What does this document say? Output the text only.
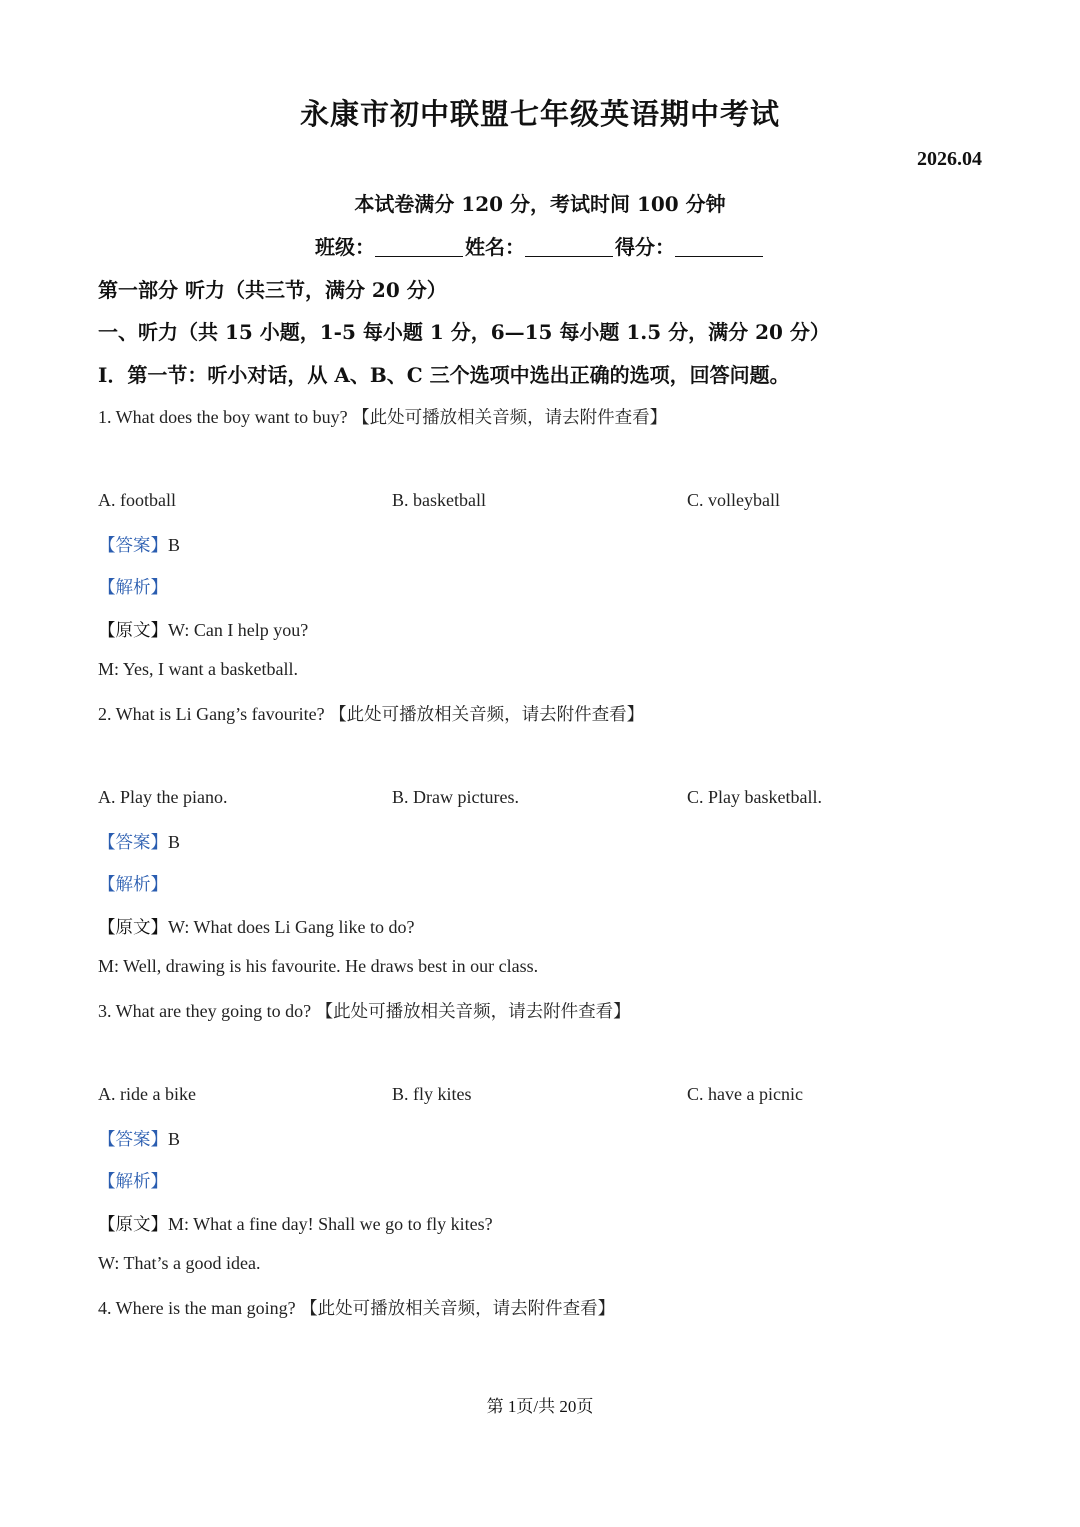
永康市初中联盟七年级英语期中考试
2026.04
本试卷满分 120 分，考试时间 100 分钟
班级：	姓名：	得分：
第一部分 听力（共三节，满分 20 分）
一、听力（共 15 小题，1-5 每小题 1 分，6—15 每小题 1.5 分，满分 20 分）
I．第一节：听小对话，从 A、B、C 三个选项中选出正确的选项，回答问题。
1. What does the boy want to buy? 【此处可播放相关音频，请去附件查看】
A. football	B. basketball	C. volleyball
【答案】B
【解析】
【原文】W: Can I help you?
M: Yes, I want a basketball.
2. What is Li Gang’s favourite? 【此处可播放相关音频，请去附件查看】
A. Play the piano.	B. Draw pictures.	C. Play basketball.
【答案】B
【解析】
【原文】W: What does Li Gang like to do?
M: Well, drawing is his favourite. He draws best in our class.
3. What are they going to do? 【此处可播放相关音频，请去附件查看】
A. ride a bike	B. fly kites	C. have a picnic
【答案】B
【解析】
【原文】M: What a fine day! Shall we go to fly kites?
W: That’s a good idea.
4. Where is the man going? 【此处可播放相关音频，请去附件查看】
第 1页/共 20页
